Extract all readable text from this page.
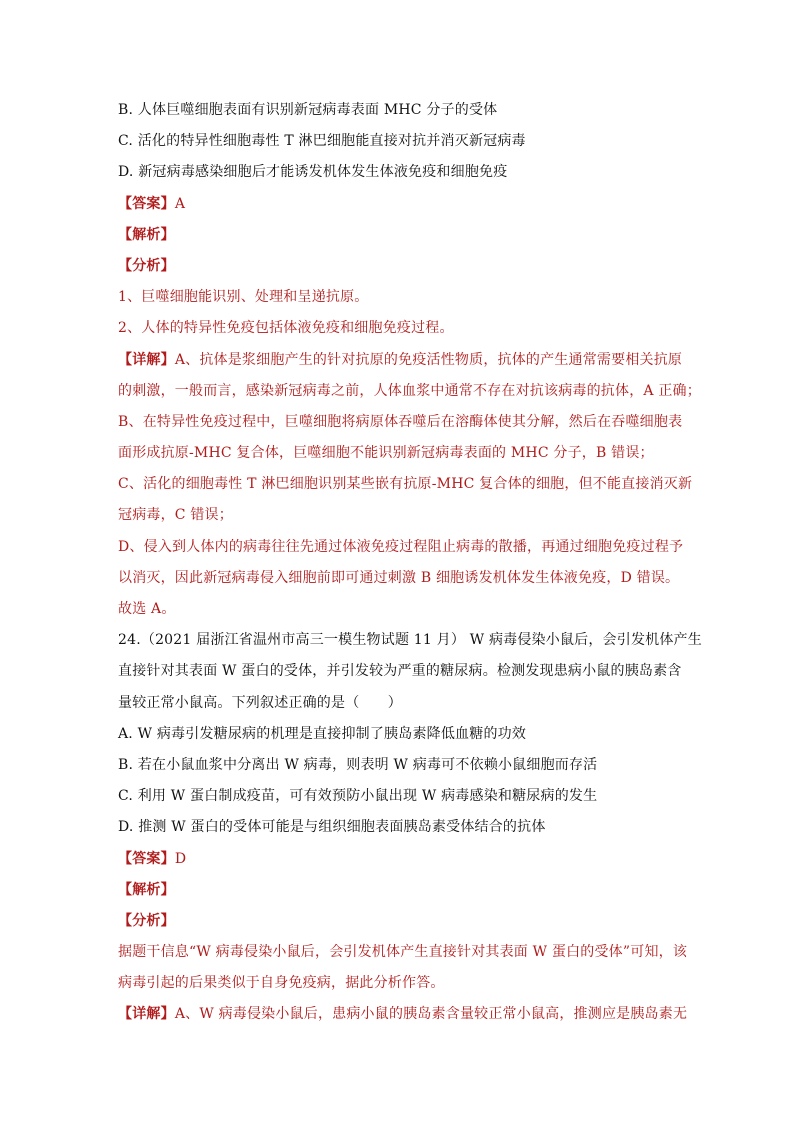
B. 人体巨噬细胞表面有识别新冠病毒表面 MHC 分子的受体
C. 活化的特异性细胞毒性 T 淋巴细胞能直接对抗并消灭新冠病毒
D. 新冠病毒感染细胞后才能诱发机体发生体液免疫和细胞免疫
【答案】A
【解析】
【分析】
1、巨噬细胞能识别、处理和呈递抗原。
2、人体的特异性免疫包括体液免疫和细胞免疫过程。
【详解】A、抗体是浆细胞产生的针对抗原的免疫活性物质，抗体的产生通常需要相关抗原
的刺激，一般而言，感染新冠病毒之前，人体血浆中通常不存在对抗该病毒的抗体，A 正确；
B、在特异性免疫过程中，巨噬细胞将病原体吞噬后在溶酶体使其分解，然后在吞噬细胞表
面形成抗原-MHC 复合体，巨噬细胞不能识别新冠病毒表面的 MHC 分子，B 错误；
C、活化的细胞毒性 T 淋巴细胞识别某些嵌有抗原-MHC 复合体的细胞，但不能直接消灭新
冠病毒，C 错误；
D、侵入到人体内的病毒往往先通过体液免疫过程阻止病毒的散播，再通过细胞免疫过程予
以消灭，因此新冠病毒侵入细胞前即可通过刺激 B 细胞诱发机体发生体液免疫，D 错误。
故选 A。
24.（2021 届浙江省温州市高三一模生物试题 11 月） W 病毒侵染小鼠后，会引发机体产生
直接针对其表面 W 蛋白的受体，并引发较为严重的糖尿病。检测发现患病小鼠的胰岛素含
量较正常小鼠高。下列叙述正确的是（　　）
A. W 病毒引发糖尿病的机理是直接抑制了胰岛素降低血糖的功效
B. 若在小鼠血浆中分离出 W 病毒，则表明 W 病毒可不依赖小鼠细胞而存活
C. 利用 W 蛋白制成疫苗，可有效预防小鼠出现 W 病毒感染和糖尿病的发生
D. 推测 W 蛋白的受体可能是与组织细胞表面胰岛素受体结合的抗体
【答案】D
【解析】
【分析】
据题干信息“W 病毒侵染小鼠后，会引发机体产生直接针对其表面 W 蛋白的受体”可知，该
病毒引起的后果类似于自身免疫病，据此分析作答。
【详解】A、W 病毒侵染小鼠后，患病小鼠的胰岛素含量较正常小鼠高，推测应是胰岛素无
